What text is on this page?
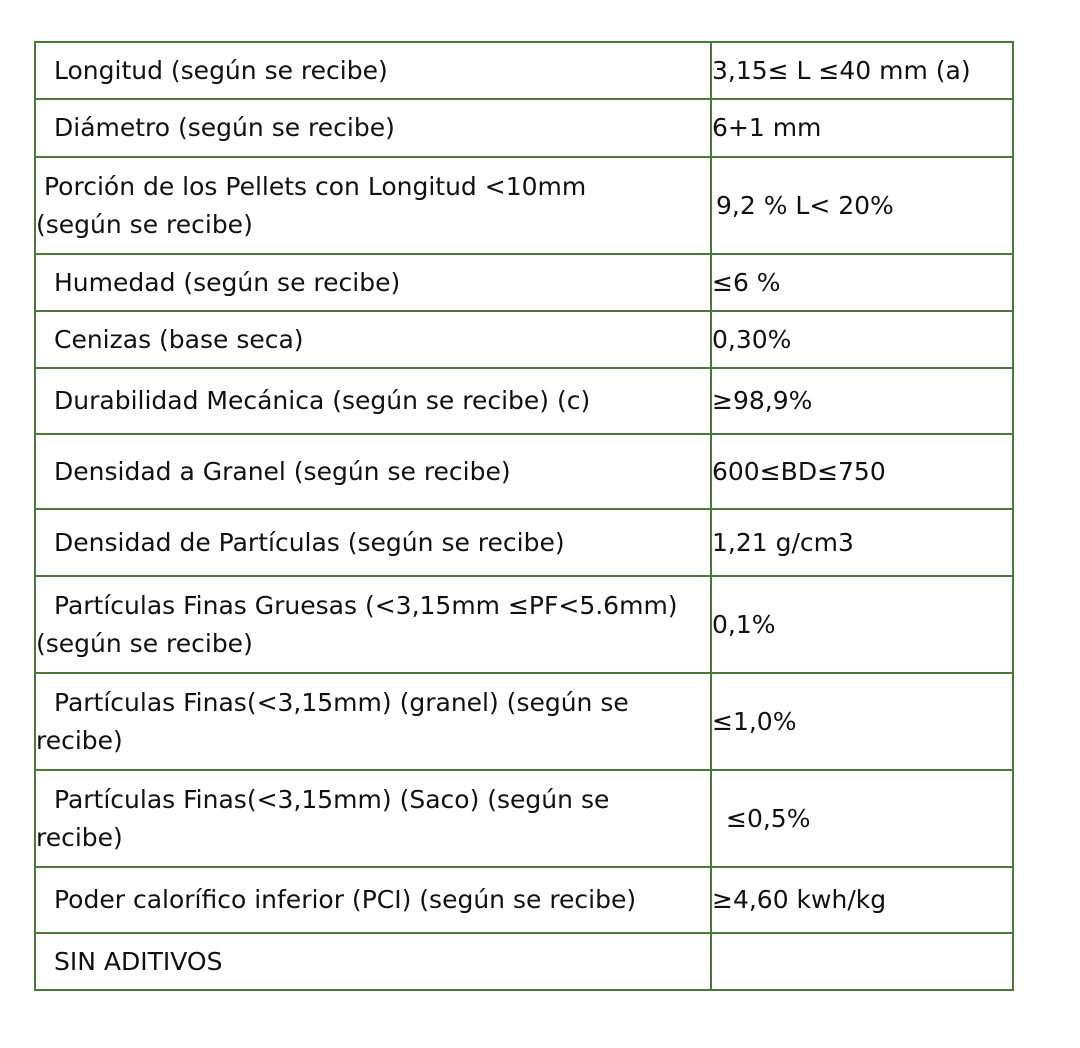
Longitud (según se recibe)	3,15≤ L ≤40 mm (a)
Diámetro (según se recibe)	6+1 mm

Porción de los Pellets con Longitud <10mm
(según se recibe)	9,2 % L< 20%
Humedad (según se recibe)	≤6 %
Cenizas (base seca)	0,30%
Durabilidad Mecánica (según se recibe) (c)	≥98,9%
Densidad a Granel (según se recibe)	600≤BD≤750
Densidad de Partículas (según se recibe)	1,21 g/cm3

Partículas Finas Gruesas (<3,15mm ≤PF<5.6mm)
(según se recibe)	0,1%

Partículas Finas(<3,15mm) (granel) (según se
recibe)	≤1,0%

Partículas Finas(<3,15mm) (Saco) (según se
recibe)	≤0,5%
Poder calorífico inferior (PCI) (según se recibe)	≥4,60 kwh/kg
SIN ADITIVOS	
